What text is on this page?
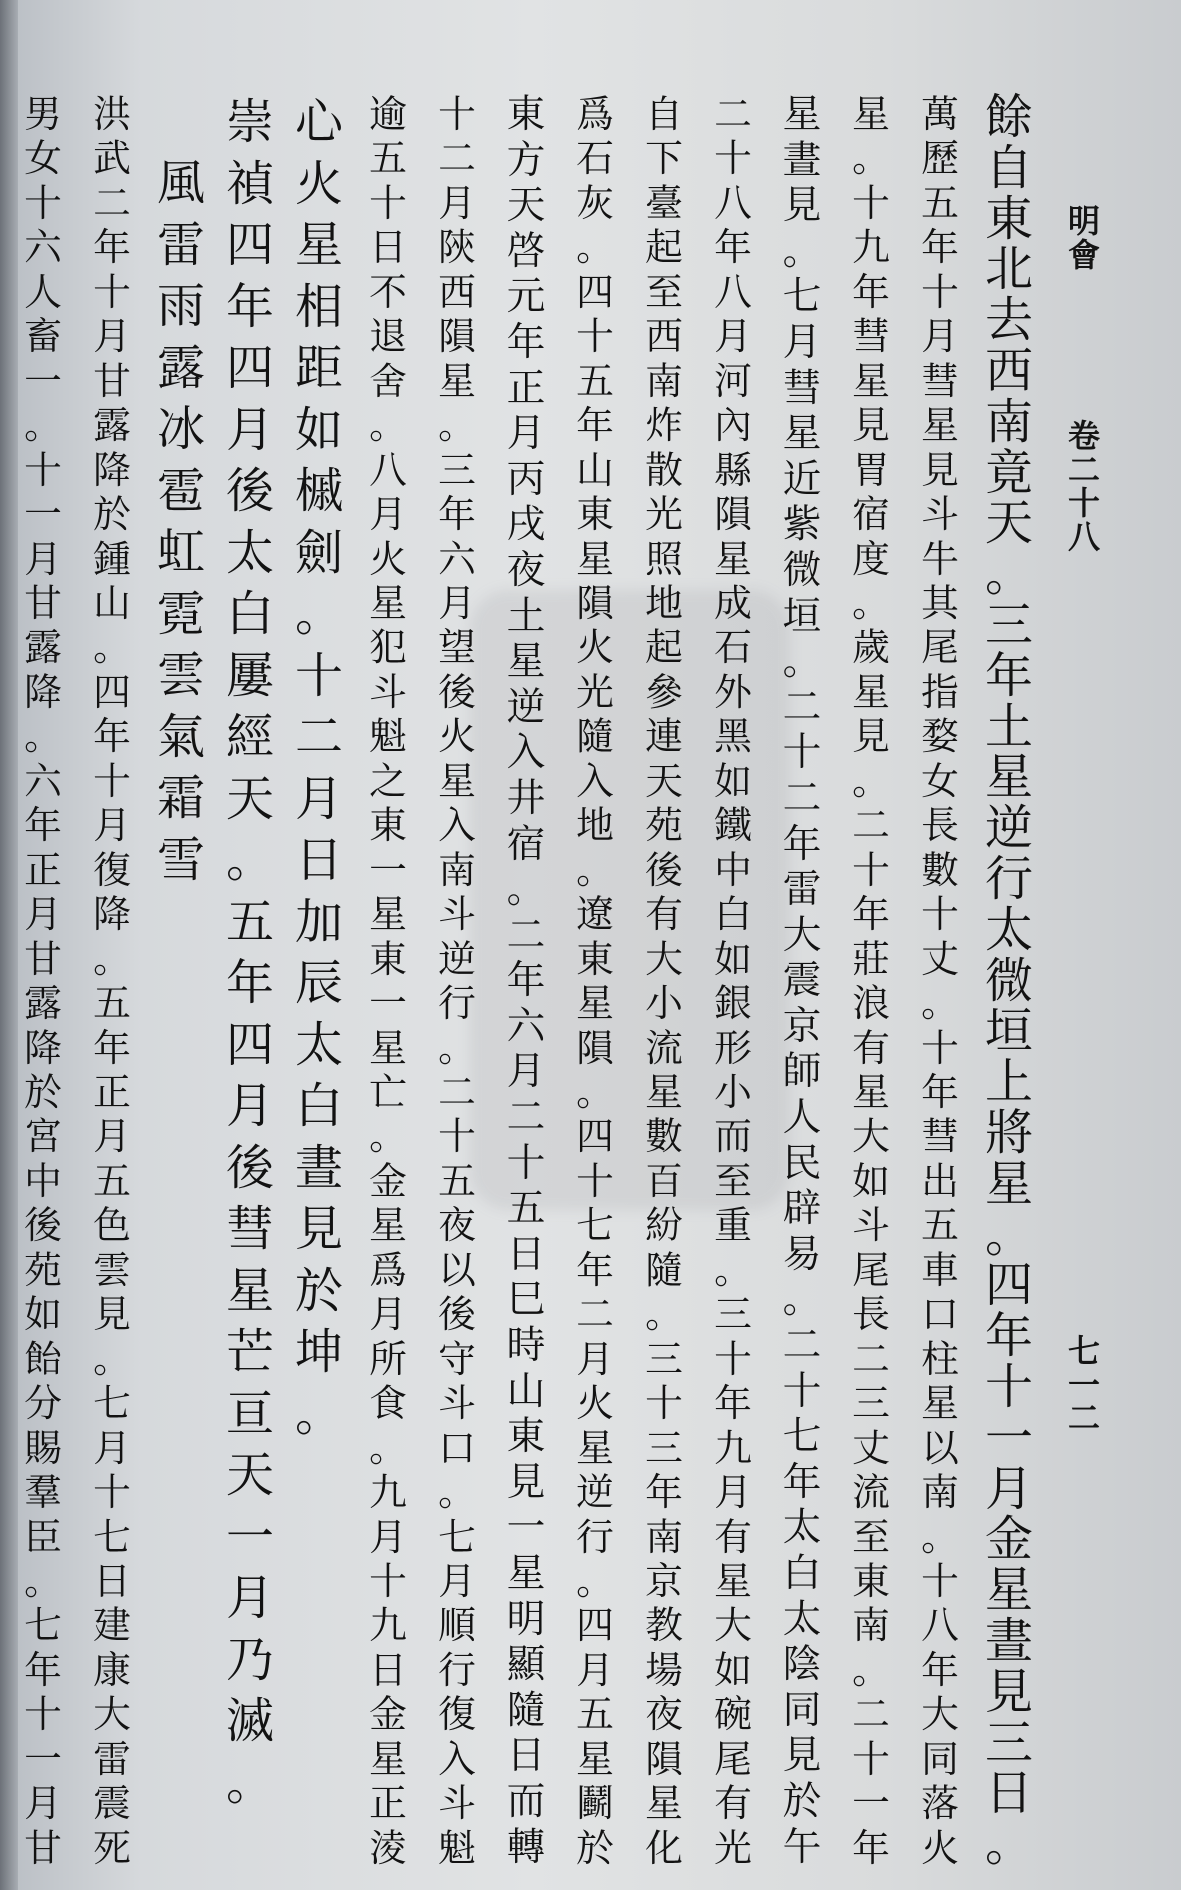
明會
卷二十八
七一二
餘自東北去西南竟天。三年土星逆行太微垣上將星。四年十一月金星晝見三日。
萬歷五年十月彗星見斗牛其尾指婺女長數十丈。十年彗出五車口柱星以南。十八年大同落火
星。十九年彗星見胃宿度。歲星見。二十年莊浪有星大如斗尾長二三丈流至東南。二十一年
星晝見。七月彗星近紫微垣。二十二年雷大震京師人民辟易。二十七年太白太陰同見於午
二十八年八月河內縣隕星成石外黑如鐵中白如銀形小而至重。三十年九月有星大如碗尾有光
自下臺起至西南炸散光照地起參連天苑後有大小流星數百紛隨。三十三年南京教場夜隕星化
爲石灰。四十五年山東星隕火光隨入地。遼東星隕。四十七年二月火星逆行。四月五星鬬於
東方天啓元年正月丙戌夜土星逆入井宿。二年六月二十五日巳時山東見一星明顯隨日而轉
十二月陝西隕星。三年六月望後火星入南斗逆行。二十五夜以後守斗口。七月順行復入斗魁
逾五十日不退舍。八月火星犯斗魁之東一星東一星亡。金星爲月所食。九月十九日金星正淩
心火星相距如槭劍。十二月日加辰太白晝見於坤。
崇禎四年四月後太白屢經天。五年四月後彗星芒亘天一月乃滅。
風雷雨露冰雹虹霓雲氣霜雪
洪武二年十月甘露降於鍾山。四年十月復降。五年正月五色雲見。七月十七日建康大雷震死
男女十六人畜一。十一月甘露降。六年正月甘露降於宮中後苑如飴分賜羣臣。七年十一月甘
